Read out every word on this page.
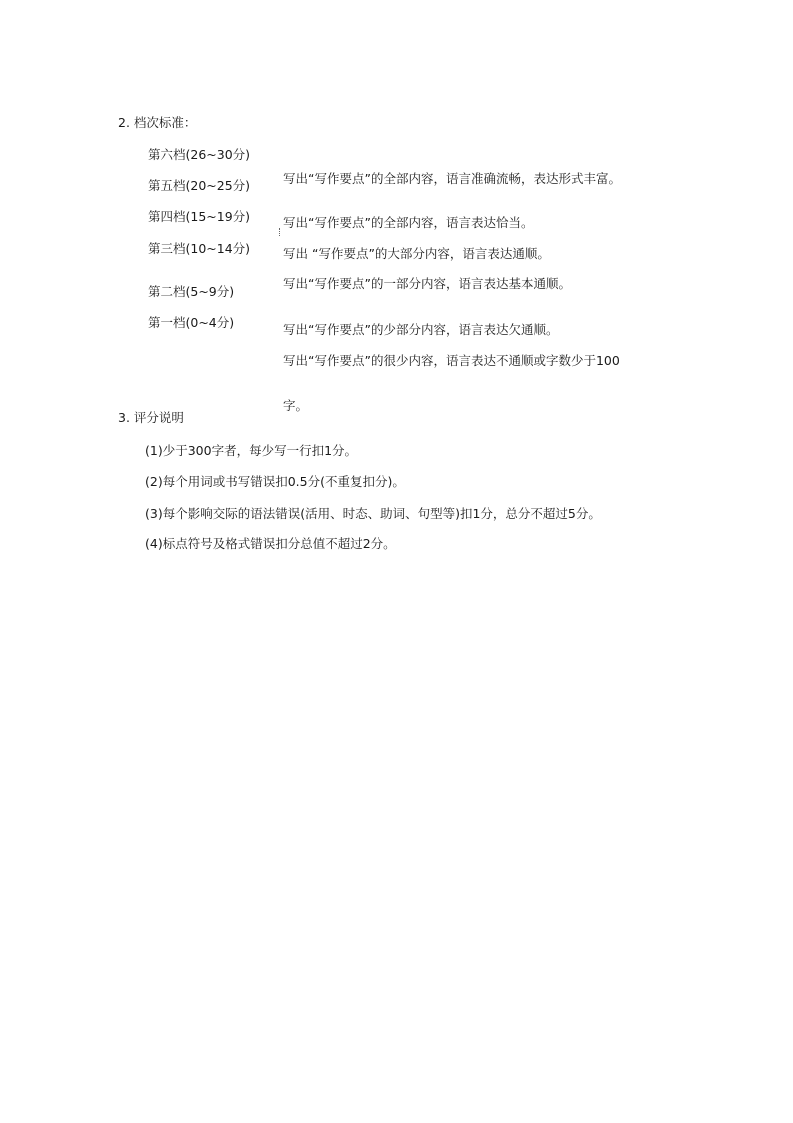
2. 档次标准：
第六档(26~30分)
第五档(20~25分)
第四档(15~19分)
第三档(10~14分)
第二档(5~9分)
第一档(0~4分)
写出“写作要点”的全部内容，语言准确流畅，表达形式丰富。
写出“写作要点”的全部内容，语言表达恰当。
写出 “写作要点”的大部分内容，语言表达通顺。
写出“写作要点”的一部分内容，语言表达基本通顺。
写出“写作要点”的少部分内容，语言表达欠通顺。
写出“写作要点”的很少内容，语言表达不通顺或字数少于100
字。
3. 评分说明
(1)少于300字者，每少写一行扣1分。
(2)每个用词或书写错误扣0.5分(不重复扣分)。
(3)每个影响交际的语法错误(活用、时态、助词、句型等)扣1分，总分不超过5分。
(4)标点符号及格式错误扣分总值不超过2分。
